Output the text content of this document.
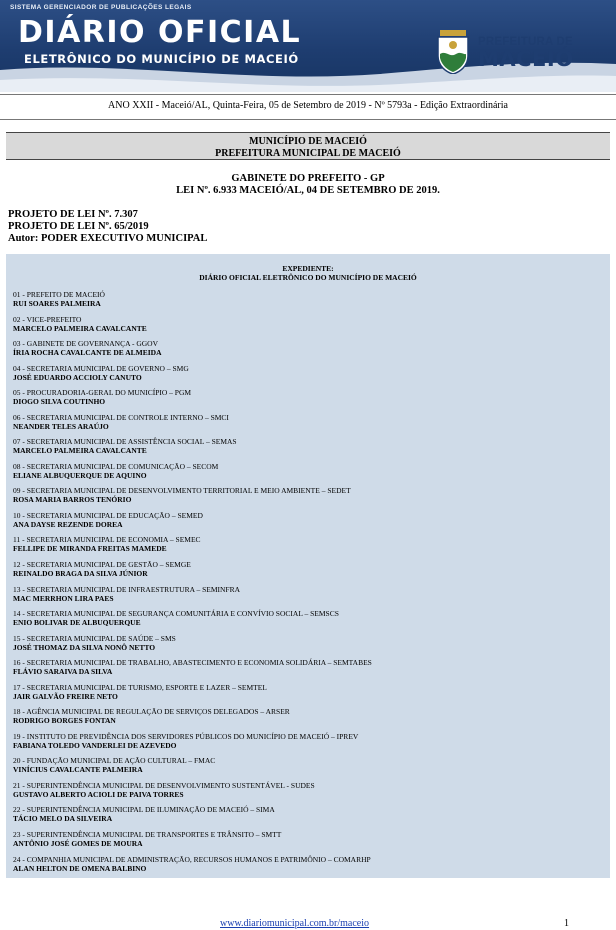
SISTEMA GERENCIADOR DE PUBLICAÇÕES LEGAIS
DIÁRIO OFICIAL
ELETRÔNICO DO MUNICÍPIO DE MACEIÓ
PREFEITURA DE
MACEIÓ
ANO XXII - Maceió/AL, Quinta-Feira, 05 de Setembro de 2019 - Nº 5793a - Edição Extraordinária
MUNICÍPIO DE MACEIÓ
PREFEITURA MUNICIPAL DE MACEIÓ
GABINETE DO PREFEITO - GP
LEI Nº. 6.933 MACEIÓ/AL, 04 DE SETEMBRO DE 2019.
PROJETO DE LEI Nº. 7.307
PROJETO DE LEI Nº. 65/2019
Autor: PODER EXECUTIVO MUNICIPAL
EXPEDIENTE:
DIÁRIO OFICIAL ELETRÔNICO DO MUNICÍPIO DE MACEIÓ
01 - PREFEITO DE MACEIÓ
RUI SOARES PALMEIRA
02 - VICE-PREFEITO
MARCELO PALMEIRA CAVALCANTE
03 - GABINETE DE GOVERNANÇA - GGOV
ÍRIA ROCHA CAVALCANTE DE ALMEIDA
04 - SECRETARIA MUNICIPAL DE GOVERNO – SMG
JOSÉ EDUARDO ACCIOLY CANUTO
05 - PROCURADORIA-GERAL DO MUNICÍPIO – PGM
DIOGO SILVA COUTINHO
06 - SECRETARIA MUNICIPAL DE CONTROLE INTERNO – SMCI
NEANDER TELES ARAÚJO
07 - SECRETARIA MUNICIPAL DE ASSISTÊNCIA SOCIAL – SEMAS
MARCELO PALMEIRA CAVALCANTE
08 - SECRETARIA MUNICIPAL DE COMUNICAÇÃO – SECOM
ELIANE ALBUQUERQUE DE AQUINO
09 - SECRETARIA MUNICIPAL DE DESENVOLVIMENTO TERRITORIAL E MEIO AMBIENTE – SEDET
ROSA MARIA BARROS TENÓRIO
10 - SECRETARIA MUNICIPAL DE EDUCAÇÃO – SEMED
ANA DAYSE REZENDE DOREA
11 - SECRETARIA MUNICIPAL DE ECONOMIA – SEMEC
FELLIPE DE MIRANDA FREITAS MAMEDE
12 - SECRETARIA MUNICIPAL DE GESTÃO – SEMGE
REINALDO BRAGA DA SILVA JÚNIOR
13 - SECRETARIA MUNICIPAL DE INFRAESTRUTURA – SEMINFRA
MAC MERRHON LIRA PAES
14 - SECRETARIA MUNICIPAL DE SEGURANÇA COMUNITÁRIA E CONVÍVIO SOCIAL – SEMSCS
ENIO BOLIVAR DE ALBUQUERQUE
15 - SECRETARIA MUNICIPAL DE SAÚDE – SMS
JOSÉ THOMAZ DA SILVA NONÔ NETTO
16 - SECRETARIA MUNICIPAL DE TRABALHO, ABASTECIMENTO E ECONOMIA SOLIDÁRIA – SEMTABES
FLÁVIO SARAIVA DA SILVA
17 - SECRETARIA MUNICIPAL DE TURISMO, ESPORTE E LAZER – SEMTEL
JAIR GALVÃO FREIRE NETO
18 - AGÊNCIA MUNICIPAL DE REGULAÇÃO DE SERVIÇOS DELEGADOS – ARSER
RODRIGO BORGES FONTAN
19 - INSTITUTO DE PREVIDÊNCIA DOS SERVIDORES PÚBLICOS DO MUNICÍPIO DE MACEIÓ – IPREV
FABIANA TOLEDO VANDERLEI DE AZEVEDO
20 - FUNDAÇÃO MUNICIPAL DE AÇÃO CULTURAL – FMAC
VINÍCIUS CAVALCANTE PALMEIRA
21 - SUPERINTENDÊNCIA MUNICIPAL DE DESENVOLVIMENTO SUSTENTÁVEL - SUDES
GUSTAVO ALBERTO ACIOLI DE PAIVA TORRES
22 - SUPERINTENDÊNCIA MUNICIPAL DE ILUMINAÇÃO DE MACEIÓ – SIMA
TÁCIO MELO DA SILVEIRA
23 - SUPERINTENDÊNCIA MUNICIPAL DE TRANSPORTES E TRÂNSITO – SMTT
ANTÔNIO JOSÉ GOMES DE MOURA
24 - COMPANHIA MUNICIPAL DE ADMINISTRAÇÃO, RECURSOS HUMANOS E PATRIMÔNIO – COMARHP
ALAN HELTON DE OMENA BALBINO
www.diariomunicipal.com.br/maceio	1
